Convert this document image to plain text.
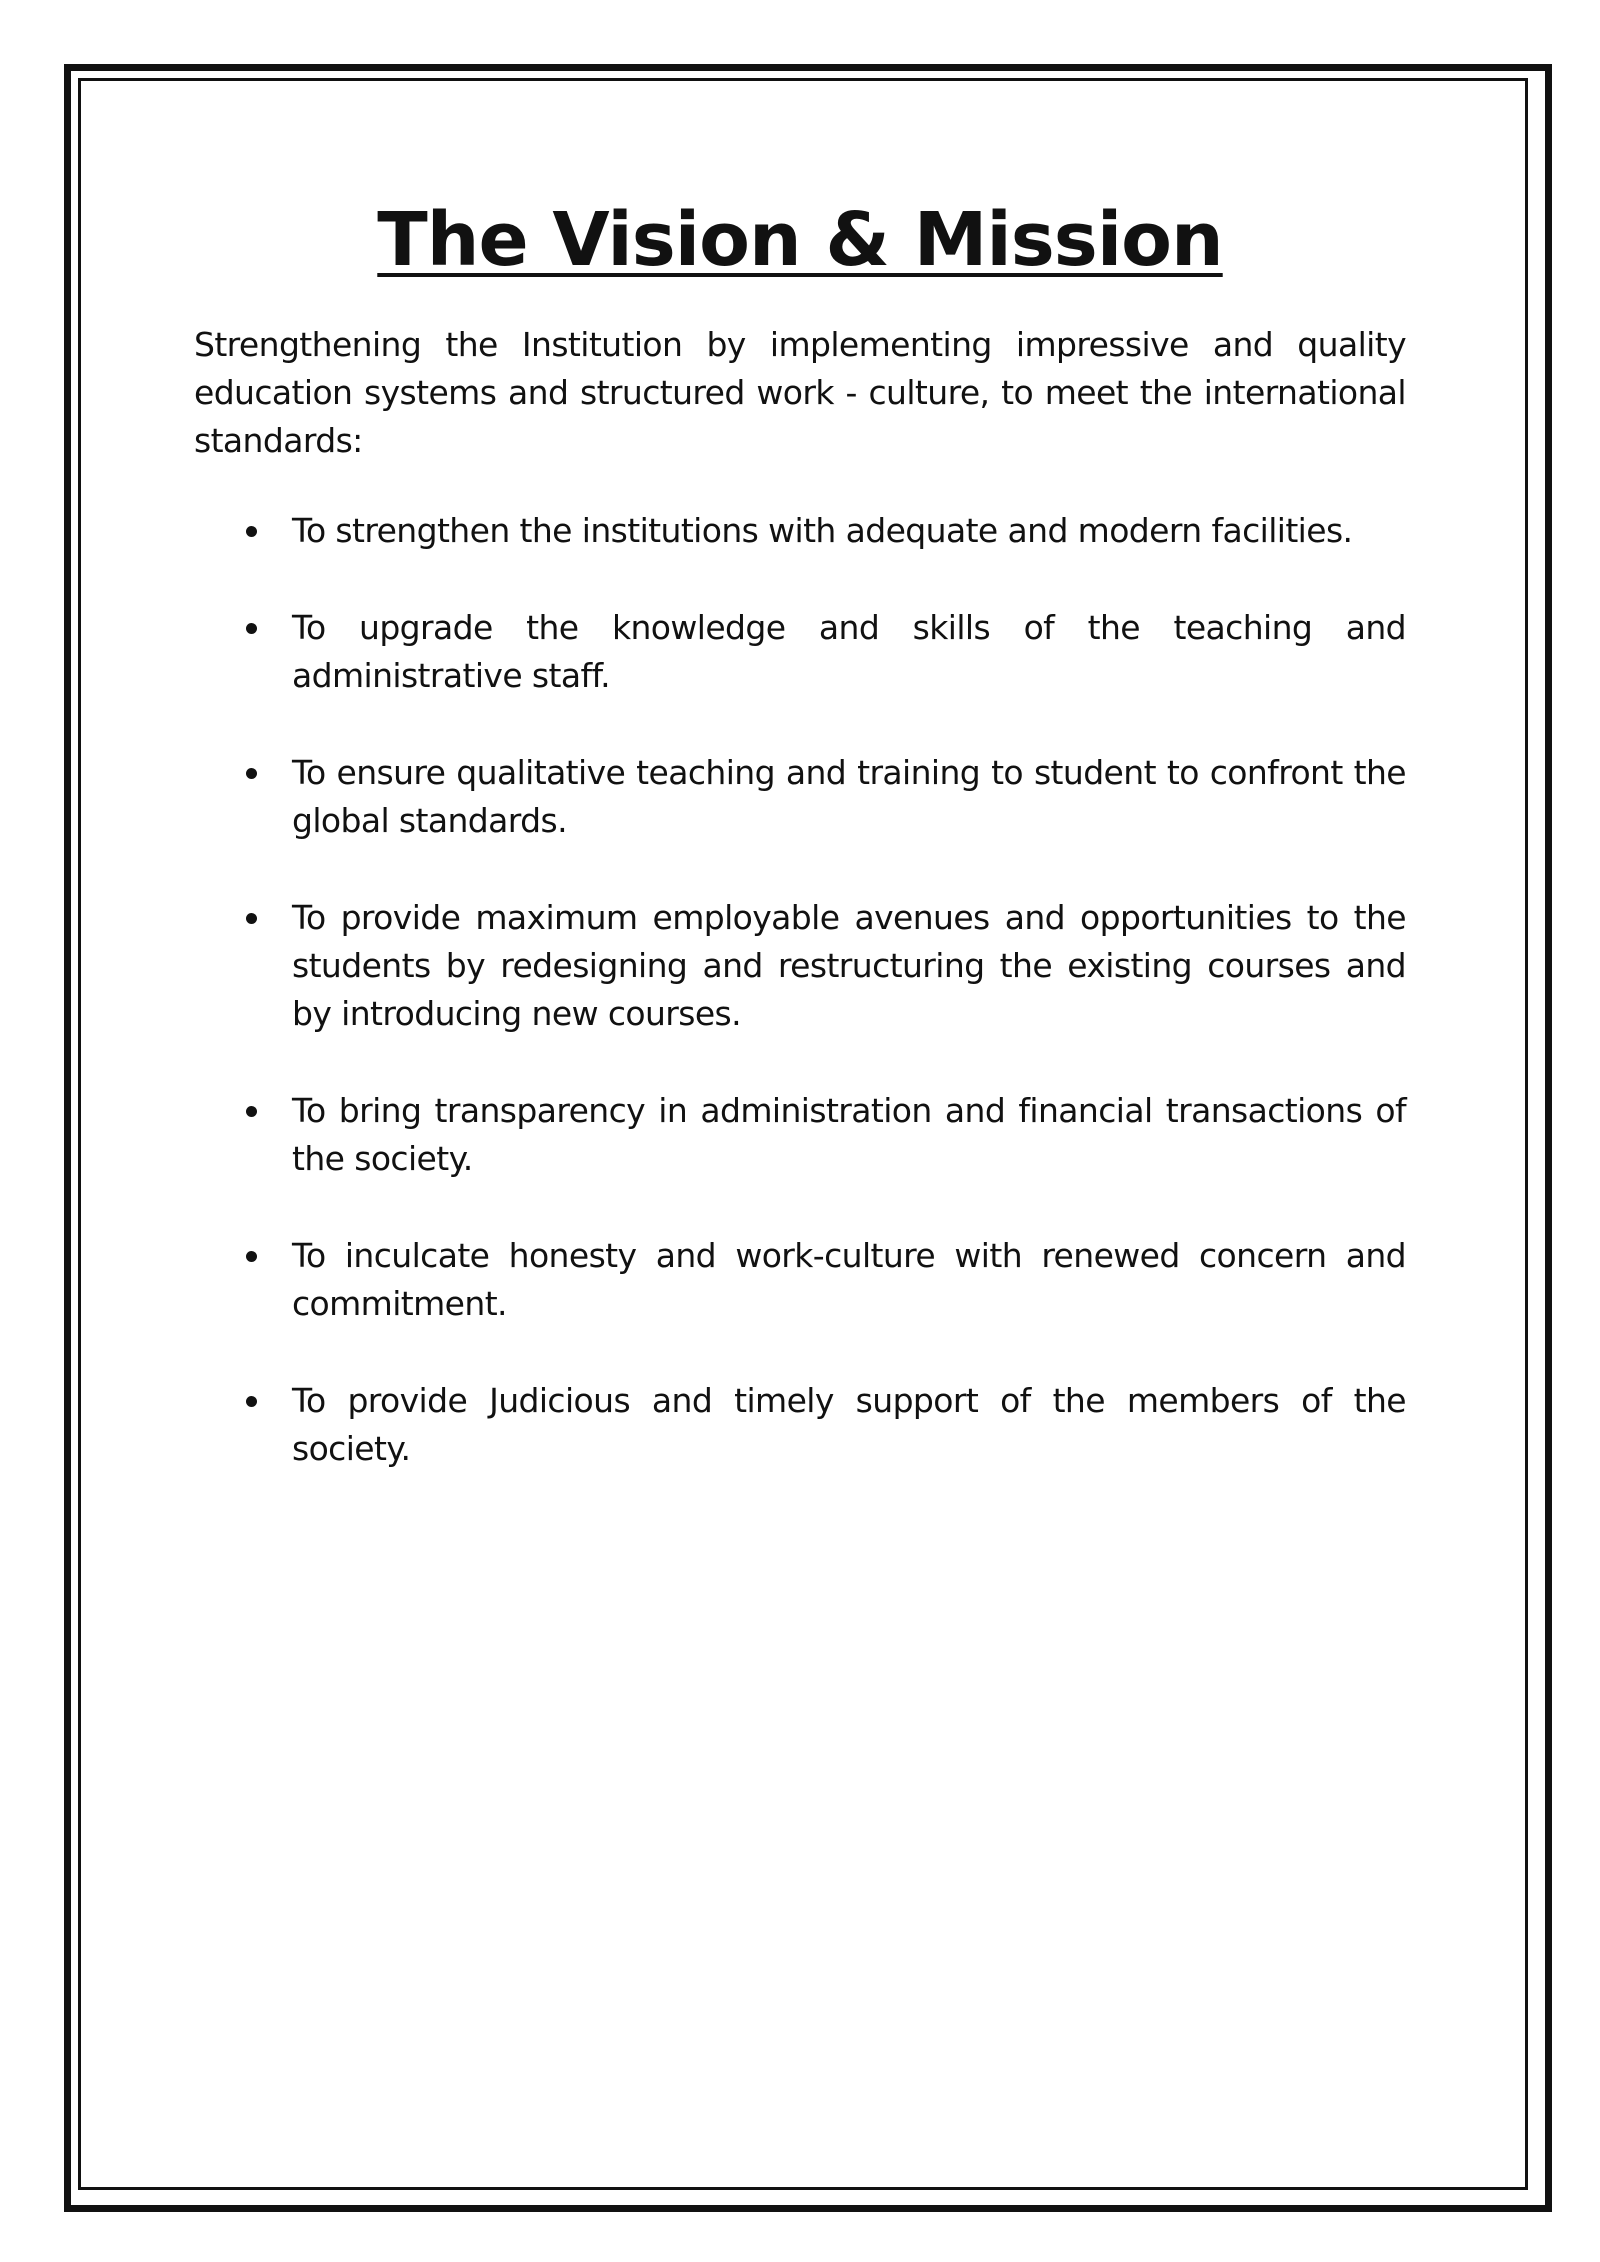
The Vision & Mission

Strengthening the Institution by implementing impressive and quality education systems and structured work - culture, to meet the international standards:

To strengthen the institutions with adequate and modern facilities.
To upgrade the knowledge and skills of the teaching and administrative staff.
To ensure qualitative teaching and training to student to confront the global standards.
To provide maximum employable avenues and opportunities to the students by redesigning and restructuring the existing courses and by introducing new courses.
To bring transparency in administration and financial transactions of the society.
To inculcate honesty and work-culture with renewed concern and commitment.
To provide Judicious and timely support of the members of the society.
